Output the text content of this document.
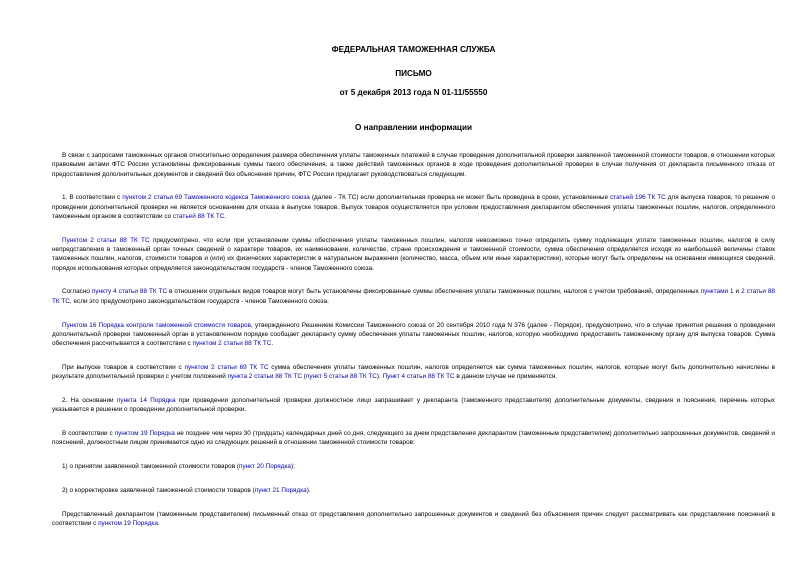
ФЕДЕРАЛЬНАЯ ТАМОЖЕННАЯ СЛУЖБА
ПИСЬМО
от 5 декабря 2013 года N 01-11/55550
О направлении информации

В связи с запросами таможенных органов относительно определения размера обеспечения уплаты таможенных платежей в случае проведения дополнительной проверки заявленной таможенной стоимости товаров, в отношении которых правовыми актами ФТС России установлены фиксированные суммы такого обеспечения, а также действий таможенных органов в ходе проведения дополнительной проверки в случае получения от декларанта письменного отказа от предоставления дополнительных документов и сведений без объяснения причин, ФТС России предлагает руководствоваться следующим.

1. В соответствии с пунктом 2 статьи 69 Таможенного кодекса Таможенного союза (далее - ТК ТС) если дополнительная проверка не может быть проведена в сроки, установленные статьей 196 ТК ТС для выпуска товаров, то решение о проведении дополнительной проверки не является основанием для отказа в выпуске товаров. Выпуск товаров осуществляется при условии предоставления декларантом обеспечения уплаты таможенных пошлин, налогов, определенного таможенным органом в соответствии со статьей 88 ТК ТС.

Пунктом 2 статьи 88 ТК ТС предусмотрено, что если при установлении суммы обеспечения уплаты таможенных пошлин, налогов невозможно точно определить сумму подлежащих уплате таможенных пошлин, налогов в силу непредставления в таможенный орган точных сведений о характере товаров, их наименовании, количестве, стране происхождения и таможенной стоимости, сумма обеспечения определяется исходя из наибольшей величины ставок таможенных пошлин, налогов, стоимости товаров и (или) их физических характеристик в натуральном выражении (количество, масса, объем или иные характеристики), которые могут быть определены на основании имеющихся сведений, порядок использования которых определяется законодательством государств - членов Таможенного союза.

Согласно пункту 4 статьи 88 ТК ТС в отношении отдельных видов товаров могут быть установлены фиксированные суммы обеспечения уплаты таможенных пошлин, налогов с учетом требований, определенных пунктами 1 и 2 статьи 88 ТК ТС, если это предусмотрено законодательством государств - членов Таможенного союза.

Пунктом 16 Порядка контроля таможенной стоимости товаров, утвержденного Решением Комиссии Таможенного союза от 20 сентября 2010 года N 376 (далее - Порядок), предусмотрено, что в случае принятия решения о проведении дополнительной проверки таможенный орган в установленном порядке сообщает декларанту сумму обеспечения уплаты таможенных пошлин, налогов, которую необходимо предоставить таможенному органу для выпуска товаров. Сумма обеспечения рассчитывается в соответствии с пунктом 2 статьи 88 ТК ТС.

При выпуске товаров в соответствии с пунктом 2 статьи 69 ТК ТС сумма обеспечения уплаты таможенных пошлин, налогов определяется как сумма таможенных пошлин, налогов, которые могут быть дополнительно начислены в результате дополнительной проверки с учетом положений пункта 2 статьи 88 ТК ТС (пункт 5 статьи 88 ТК ТС). Пункт 4 статьи 88 ТК ТС в данном случае не применяется.

2. На основании пункта 14 Порядка при проведении дополнительной проверки должностное лицо запрашивает у декларанта (таможенного представителя) дополнительные документы, сведения и пояснения, перечень которых указывается в решении о проведении дополнительной проверки.

В соответствии с пунктом 19 Порядка не позднее чем через 30 (тридцать) календарных дней со дня, следующего за днем представления декларантом (таможенным представителем) дополнительно запрошенных документов, сведений и пояснений, должностным лицом принимается одно из следующих решений в отношении таможенной стоимости товаров:

1) о принятии заявленной таможенной стоимости товаров (пункт 20 Порядка);

2) о корректировке заявленной таможенной стоимости товаров (пункт 21 Порядка).

Представленный декларантом (таможенным представителем) письменный отказ от представления дополнительно запрошенных документов и сведений без объяснения причин следует рассматривать как представление пояснений в соответствии с пунктом 19 Порядка.
